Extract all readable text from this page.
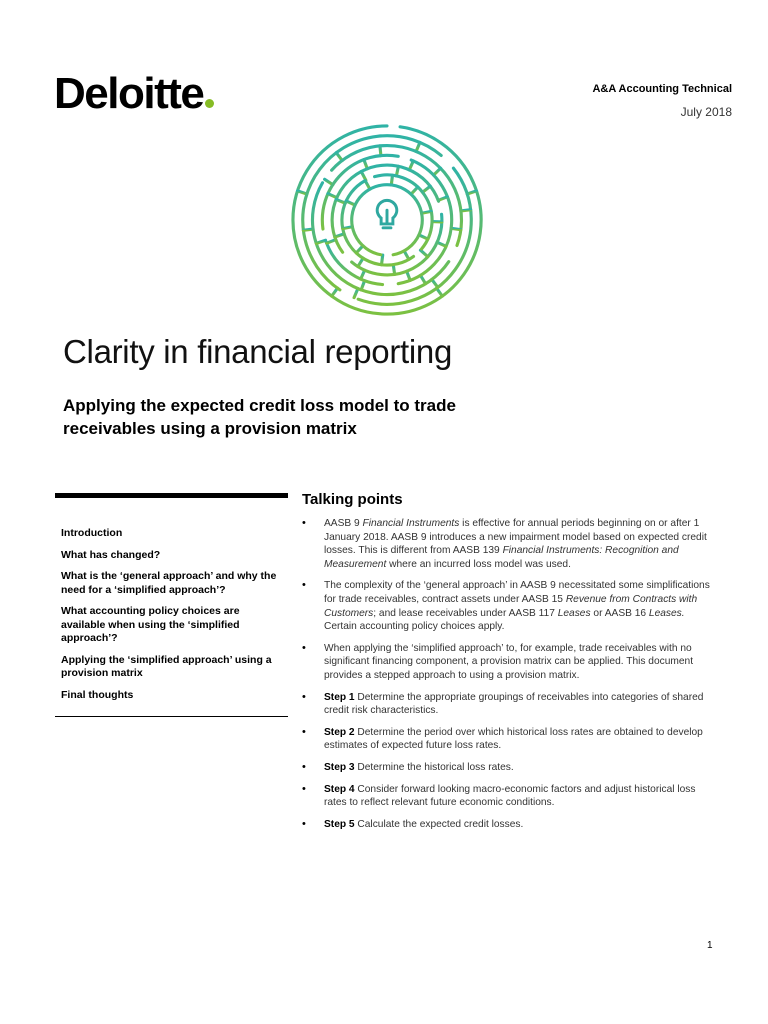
Deloitte	A&A Accounting Technical
July 2018
Clarity in financial reporting
Applying the expected credit loss model to trade receivables using a provision matrix
Introduction
What has changed?
What is the ‘general approach’ and why the need for a ‘simplified approach’?
What accounting policy choices are available when using the ‘simplified approach’?
Applying the ‘simplified approach’ using a provision matrix
Final thoughts
Talking points
• AASB 9 Financial Instruments is effective for annual periods beginning on or after 1 January 2018. AASB 9 introduces a new impairment model based on expected credit losses. This is different from AASB 139 Financial Instruments: Recognition and Measurement where an incurred loss model was used.
• The complexity of the ‘general approach’ in AASB 9 necessitated some simplifications for trade receivables, contract assets under AASB 15 Revenue from Contracts with Customers; and lease receivables under AASB 117 Leases or AASB 16 Leases. Certain accounting policy choices apply.
• When applying the ‘simplified approach’ to, for example, trade receivables with no significant financing component, a provision matrix can be applied. This document provides a stepped approach to using a provision matrix.
• Step 1 Determine the appropriate groupings of receivables into categories of shared credit risk characteristics.
• Step 2 Determine the period over which historical loss rates are obtained to develop estimates of expected future loss rates.
• Step 3 Determine the historical loss rates.
• Step 4 Consider forward looking macro-economic factors and adjust historical loss rates to reflect relevant future economic conditions.
• Step 5 Calculate the expected credit losses.
1
